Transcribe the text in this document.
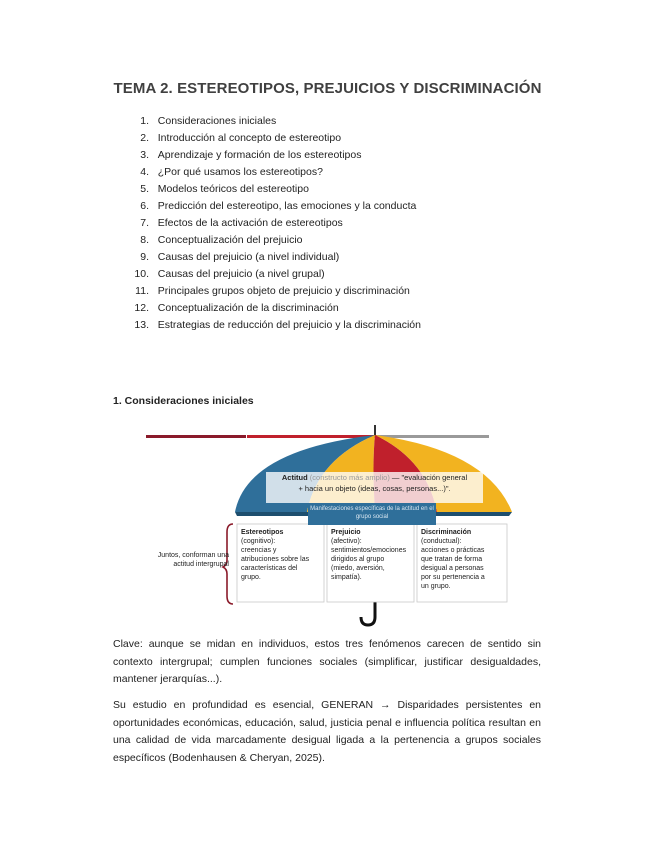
TEMA 2. ESTEREOTIPOS, PREJUICIOS Y DISCRIMINACIÓN
1. Consideraciones iniciales
2. Introducción al concepto de estereotipo
3. Aprendizaje y formación de los estereotipos
4. ¿Por qué usamos los estereotipos?
5. Modelos teóricos del estereotipo
6. Predicción del estereotipo, las emociones y la conducta
7. Efectos de la activación de estereotipos
8. Conceptualización del prejuicio
9. Causas del prejuicio (a nivel individual)
10. Causas del prejuicio (a nivel grupal)
11. Principales grupos objeto de prejuicio y discriminación
12. Conceptualización de la discriminación
13. Estrategias de reducción del prejuicio y la discriminación
1. Consideraciones iniciales
Actitud (constructo más amplio) — "evaluación general
+ hacia un objeto (ideas, cosas, personas...)".
Manifestaciones específicas de la actitud en el grupo social
Juntos, conforman una
actitud intergrupal
Estereotipos
(cognitivo):
creencias y
atribuciones sobre las
características del
grupo.
Prejuicio
(afectivo):
sentimientos/emociones
dirigidos al grupo
(miedo, aversión,
simpatía).
Discriminación
(conductual):
acciones o prácticas
que tratan de forma
desigual a personas
por su pertenencia a
un grupo.

Clave: aunque se midan en individuos, estos tres fenómenos carecen de sentido sin contexto intergrupal; cumplen funciones sociales (simplificar, justificar desigualdades, mantener jerarquías...).

Su estudio en profundidad es esencial, GENERAN → Disparidades persistentes en oportunidades económicas, educación, salud, justicia penal e influencia política resultan en una calidad de vida marcadamente desigual ligada a la pertenencia a grupos sociales específicos (Bodenhausen & Cheryan, 2025).
